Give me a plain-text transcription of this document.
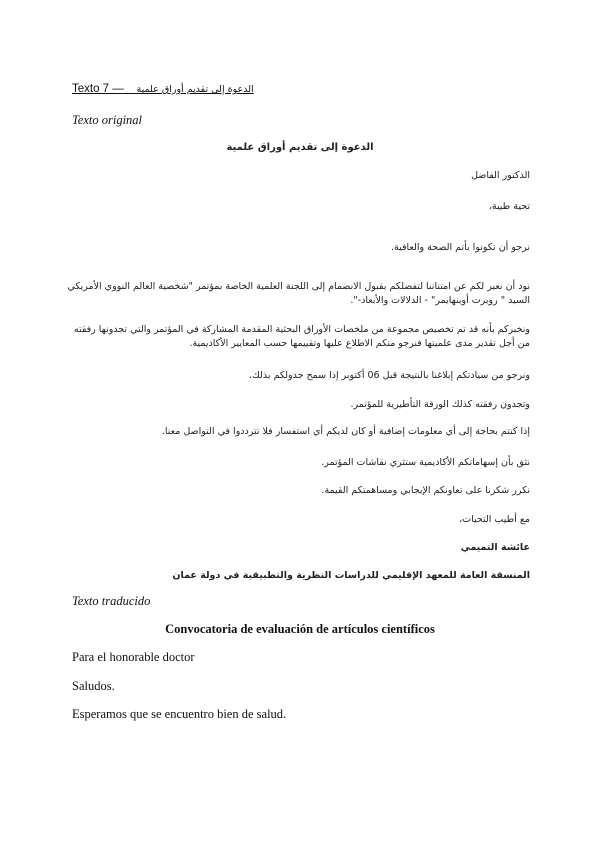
Texto 7 — الدعوة إلى تقديم أوراق علمية
Texto original
الدعوة إلى تقديم أوراق علمية
الدكتور الفاضل
تحية طيبة،
نرجو أن تكونوا بأتم الصحة والعافية.
نود أن نعبر لكم عن امتناننا لتفضلكم بقبول الانضمام إلى اللجنة العلمية الخاصة بمؤتمر "شخصية العالم النووي الأمريكي السيد " روبرت أوبنهايمر" - الدلالات والأبعاد-".
ونخبركم بأنه قد تم تخصيص مجموعة من ملخصات الأوراق البحثية المقدمة المشاركة في المؤتمر والتي تجدونها رفقته من أجل تقدير مدى علميتها فنرجو منكم الاطلاع عليها وتقييمها حسب المعايير الأكاديمية.
ونرجو من سيادتكم إبلاغنا بالنتيجة قبل 06 أكتوبر إذا سمح جدولكم بذلك.
وتجدون رفقته كذلك الورقة التأطيرية للمؤتمر.
إذا كنتم بحاجة إلى أي معلومات إضافية أو كان لديكم أي استفسار فلا تترددوا في التواصل معنا.
نثق بأن إسهاماتكم الأكاديمية ستثري نقاشات المؤتمر.
نكرر شكرنا على تعاونكم الإيجابي ومساهمتكم القيمة.
مع أطيب التحيات،
عائشة التميمي
المنسقة العامة للمعهد الإقليمي للدراسات النظرية والتطبيقية في دولة عمان
Texto traducido
Convocatoria de evaluación de artículos científicos
Para el honorable doctor
Saludos.
Esperamos que se encuentro bien de salud.
